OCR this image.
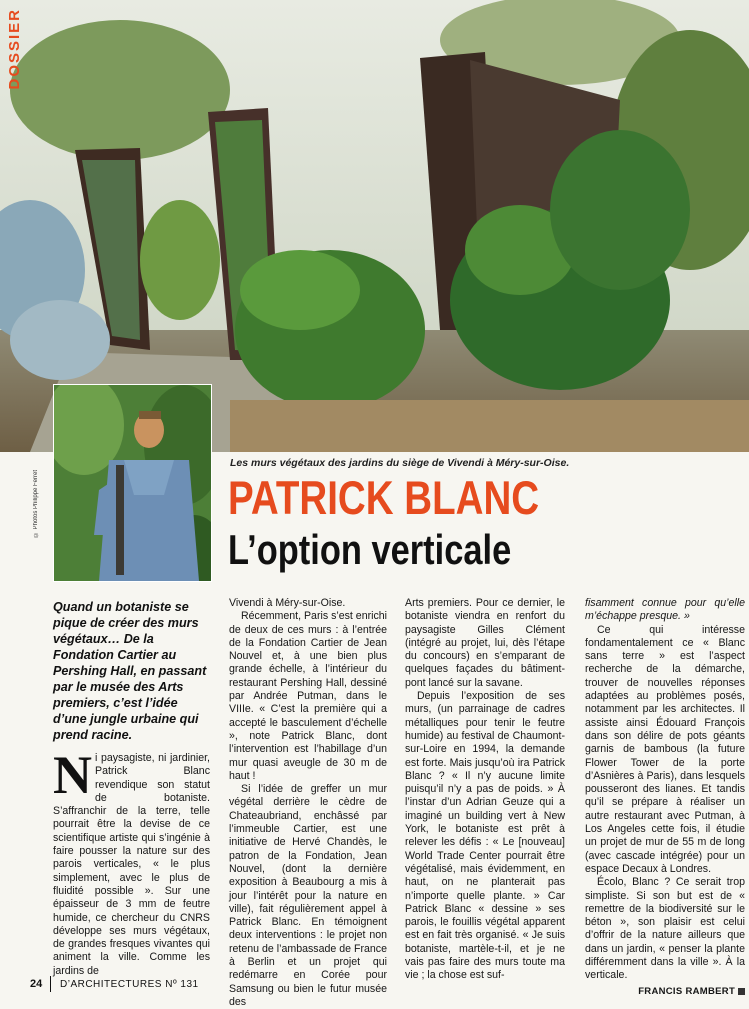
DOSSIER
© Photos Philippe Ferret
Les murs végétaux des jardins du siège de Vivendi à Méry-sur-Oise.
PATRICK BLANC
L’option verticale
Quand un botaniste se pique de créer des murs végétaux… De la Fondation Cartier au Pershing Hall, en passant par le musée des Arts premiers, c’est l’idée d’une jungle urbaine qui prend racine.

Ni paysagiste, ni jardinier, Patrick Blanc revendique son statut de botaniste. S’affranchir de la terre, telle pourrait être la devise de ce scientifique artiste qui s’ingénie à faire pousser la nature sur des parois verticales, « le plus simplement, avec le plus de fluidité possible ». Sur une épaisseur de 3 mm de feutre humide, ce chercheur du CNRS développe ses murs végétaux, de grandes fresques vivantes qui animent la ville. Comme les jardins de

Vivendi à Méry-sur-Oise.

Récemment, Paris s’est enrichi de deux de ces murs : à l’entrée de la Fondation Cartier de Jean Nouvel et, à une bien plus grande échelle, à l’intérieur du restaurant Pershing Hall, dessiné par Andrée Putman, dans le VIIIe. « C’est la première qui a accepté le basculement d’échelle », note Patrick Blanc, dont l’intervention est l’habillage d’un mur quasi aveugle de 30 m de haut !

Si l’idée de greffer un mur végétal derrière le cèdre de Chateaubriand, enchâssé par l’immeuble Cartier, est une initiative de Hervé Chandès, le patron de la Fondation, Jean Nouvel, (dont la dernière exposition à Beaubourg a mis à jour l’intérêt pour la nature en ville), fait régulièrement appel à Patrick Blanc. En témoignent deux interventions : le projet non retenu de l’ambassade de France à Berlin et un projet qui redémarre en Corée pour Samsung ou bien le futur musée des

Arts premiers. Pour ce dernier, le botaniste viendra en renfort du paysagiste Gilles Clément (intégré au projet, lui, dès l’étape du concours) en s’emparant de quelques façades du bâtiment-pont lancé sur la savane.

Depuis l’exposition de ses murs, (un parrainage de cadres métalliques pour tenir le feutre humide) au festival de Chaumont-sur-Loire en 1994, la demande est forte. Mais jusqu’où ira Patrick Blanc ? « Il n’y aucune limite puisqu’il n’y a pas de poids. » À l’instar d’un Adrian Geuze qui a imaginé un building vert à New York, le botaniste est prêt à relever les défis : « Le [nouveau] World Trade Center pourrait être végétalisé, mais évidemment, en haut, on ne planterait pas n’importe quelle plante. » Car Patrick Blanc « dessine » ses parois, le fouillis végétal apparent est en fait très organisé. « Je suis botaniste, martèle-t-il, et je ne vais pas faire des murs toute ma vie ; la chose est suf-

fisamment connue pour qu’elle m’échappe presque. »

Ce qui intéresse fondamentalement ce « Blanc sans terre » est l’aspect recherche de la démarche, trouver de nouvelles réponses adaptées au problèmes posés, notamment par les architectes. Il assiste ainsi Édouard François dans son délire de pots géants garnis de bambous (la future Flower Tower de la porte d’Asnières à Paris), dans lesquels pousseront des lianes. Et tandis qu’il se prépare à réaliser un autre restaurant avec Putman, à Los Angeles cette fois, il étudie un projet de mur de 55 m de long (avec cascade intégrée) pour un espace Decaux à Londres.

Écolo, Blanc ? Ce serait trop simpliste. Si son but est de « remettre de la biodiversité sur le béton », son plaisir est celui d’offrir de la nature ailleurs que dans un jardin, « penser la plante différemment dans la ville ». À la verticale.

FRANCIS RAMBERT
24 D’ARCHITECTURES Nº 131
